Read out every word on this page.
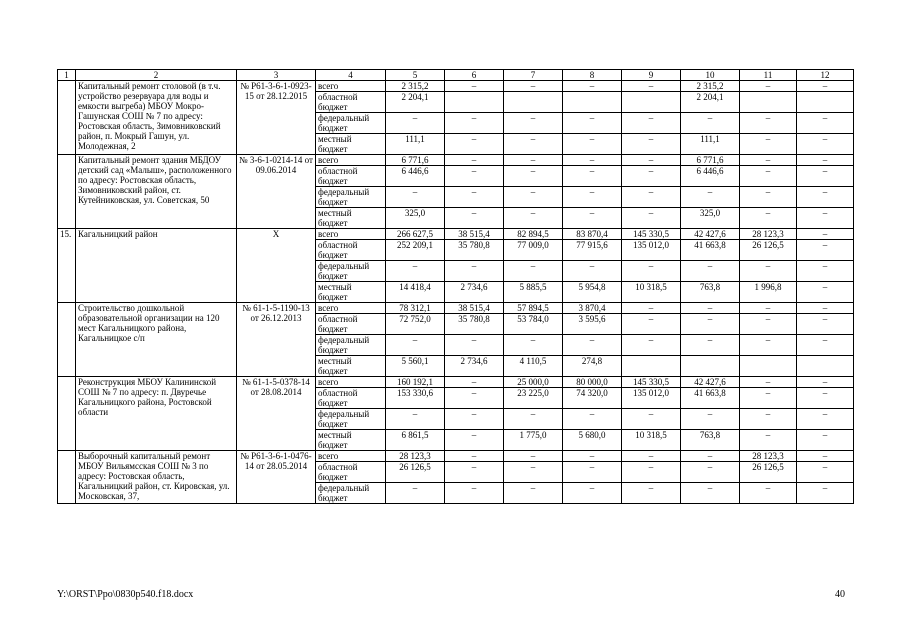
1	2	3	4	5	6	7	8	9	10	11	12
	Капитальный ремонт столовой (в т.ч. устройство резервуара для воды и емкости выгреба) МБОУ Мокро-Гашунская СОШ № 7 по адресу: Ростовская область, Зимовниковский район, п. Мокрый Гашун, ул. Молодежная, 2	№ Р61-3-6-1-0923-15 от 28.12.2015	всего	2 315,2	–	–	–	–	2 315,2	–	–
			областной бюджет	2 204,1					2 204,1		
			федеральный бюджет	–	–	–	–	–	–	–	–
			местный бюджет	111,1	–	–	–	–	111,1	–	–
	Капитальный ремонт здания МБДОУ детский сад «Малыш», расположенного по адресу: Ростовская область, Зимовниковский район, ст. Кутейниковская, ул. Советская, 50	№ 3-6-1-0214-14 от 09.06.2014	всего	6 771,6	–	–	–	–	6 771,6	–	–
			областной бюджет	6 446,6	–	–	–	–	6 446,6	–	–
			федеральный бюджет	–	–	–	–	–	–	–	–
			местный бюджет	325,0	–	–	–	–	325,0	–	–
15.	Кагальницкий район	Х	всего	266 627,5	38 515,4	82 894,5	83 870,4	145 330,5	42 427,6	28 123,3	–
			областной бюджет	252 209,1	35 780,8	77 009,0	77 915,6	135 012,0	41 663,8	26 126,5	–
			федеральный бюджет	–	–	–	–	–	–	–	–
			местный бюджет	14 418,4	2 734,6	5 885,5	5 954,8	10 318,5	763,8	1 996,8	–
	Строительство дошкольной образовательной организации на 120 мест Кагальницкого района, Кагальницкое с/п	№ 61-1-5-1190-13 от 26.12.2013	всего	78 312,1	38 515,4	57 894,5	3 870,4	–	–	–	–
			областной бюджет	72 752,0	35 780,8	53 784,0	3 595,6	–	–	–	–
			федеральный бюджет	–	–	–	–	–	–	–	–
			местный бюджет	5 560,1	2 734,6	4 110,5	274,8				
	Реконструкция МБОУ Калининской СОШ № 7 по адресу: п. Двуречье Кагальницкого района, Ростовской области	№ 61-1-5-0378-14 от 28.08.2014	всего	160 192,1	–	25 000,0	80 000,0	145 330,5	42 427,6	–	–
			областной бюджет	153 330,6	–	23 225,0	74 320,0	135 012,0	41 663,8	–	–
			федеральный бюджет	–	–	–	–	–	–	–	–
			местный бюджет	6 861,5	–	1 775,0	5 680,0	10 318,5	763,8	–	–
	Выборочный капитальный ремонт МБОУ Вильямсская СОШ № 3 по адресу: Ростовская область, Кагальницкий район, ст. Кировская, ул. Московская, 37,	№ Р61-3-6-1-0476-14 от 28.05.2014	всего	28 123,3	–	–	–	–	–	28 123,3	–
			областной бюджет	26 126,5	–	–	–	–	–	26 126,5	–
			федеральный бюджет	–	–	–	–	–	–	–	–
Y:\ORST\Ppo\0830p540.f18.docx	40
